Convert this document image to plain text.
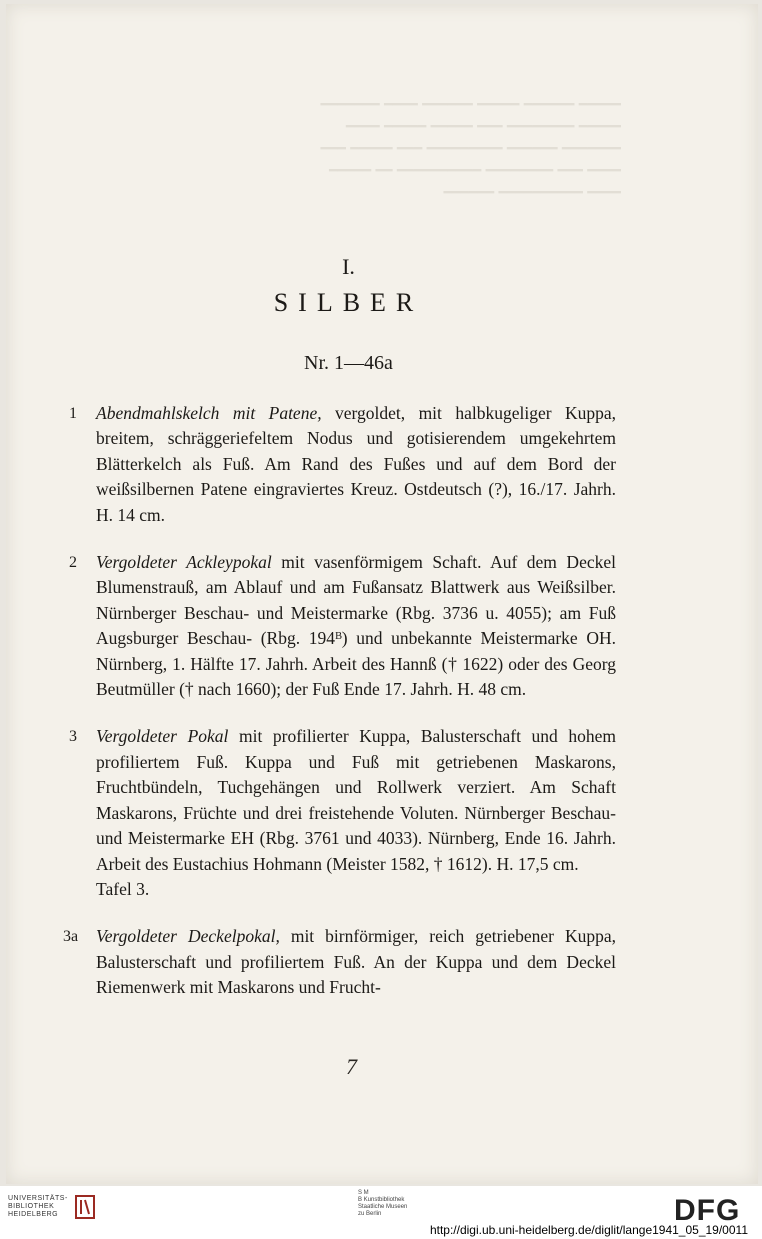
━━━━━ ━━━━━━ ━━━━━ ━━━━━━ ━━━━ ━━━━━━━
━━━━━ ━━━━━━━━ ━━━ ━━━━━ ━━━━━ ━━━━
━━━━━━━ ━━━━━━ ━━━━━━━━━ ━━━ ━━━━━ ━━━
━━━━ ━━━ ━━━━━━━━ ━━━━━━━━━━ ━━ ━━━━━
━━━━ ━━━━━━━━━━ ━━━━━━

I.

SILBER

Nr. 1—46a

1 Abendmahlskelch mit Patene, vergoldet, mit halbkugeliger Kuppa, breitem, schräggeriefeltem Nodus und gotisierendem umgekehrtem Blätterkelch als Fuß. Am Rand des Fußes und auf dem Bord der weißsilbernen Patene eingraviertes Kreuz. Ostdeutsch (?), 16./17. Jahrh. H. 14 cm.
2 Vergoldeter Ackleypokal mit vasenförmigem Schaft. Auf dem Deckel Blumenstrauß, am Ablauf und am Fußansatz Blattwerk aus Weißsilber. Nürnberger Beschau- und Meistermarke (Rbg. 3736 u. 4055); am Fuß Augsburger Beschau- (Rbg. 194ᴮ) und unbekannte Meistermarke OH. Nürnberg, 1. Hälfte 17. Jahrh. Arbeit des Hannß († 1622) oder des Georg Beutmüller († nach 1660); der Fuß Ende 17. Jahrh. H. 48 cm.
3 Vergoldeter Pokal mit profilierter Kuppa, Balusterschaft und hohem profiliertem Fuß. Kuppa und Fuß mit getriebenen Maskarons, Fruchtbündeln, Tuchgehängen und Rollwerk verziert. Am Schaft Maskarons, Früchte und drei freistehende Voluten. Nürnberger Beschau- und Meistermarke EH (Rbg. 3761 und 4033). Nürnberg, Ende 16. Jahrh. Arbeit des Eustachius Hohmann (Meister 1582, † 1612). H. 17,5 cm.
Tafel 3.
3a Vergoldeter Deckelpokal, mit birnförmiger, reich getriebener Kuppa, Balusterschaft und profiliertem Fuß. An der Kuppa und dem Deckel Riemenwerk mit Maskarons und Frucht-
7
UNIVERSITÄTS-
BIBLIOTHEK
HEIDELBERG
S M
B Kunstbibliothek
Staatliche Museen
zu Berlin	DFG
http://digi.ub.uni-heidelberg.de/diglit/lange1941_05_19/0011
